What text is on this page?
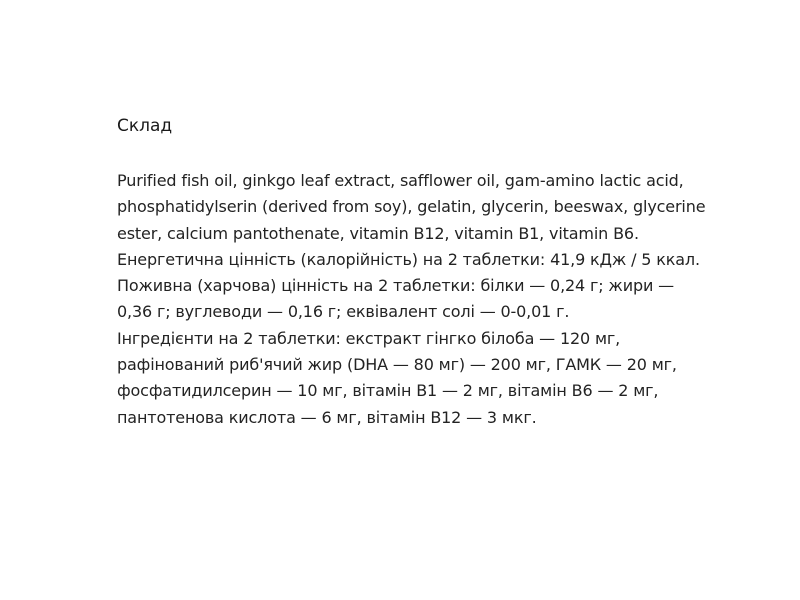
Склад

Purified fish oil, ginkgo leaf extract, safflower oil, gam-amino lactic acid, phosphatidylserin (derived from soy), gelatin, glycerin, beeswax, glycerine ester, calcium pantothenate, vitamin B12, vitamin B1, vitamin B6.

Енергетична цінність (калорійність) на 2 таблетки: 41,9 кДж / 5 ккал.

Поживна (харчова) цінність на 2 таблетки: білки — 0,24 г; жири — 0,36 г; вуглеводи — 0,16 г; еквівалент солі — 0-0,01 г.

Інгредієнти на 2 таблетки: екстракт гінгко білоба — 120 мг, рафінований риб'ячий жир (DHA — 80 мг) — 200 мг, ГАМК — 20 мг, фосфатидилсерин — 10 мг, вітамін B1 — 2 мг, вітамін B6 — 2 мг, пантотенова кислота — 6 мг, вітамін B12 — 3 мкг.
